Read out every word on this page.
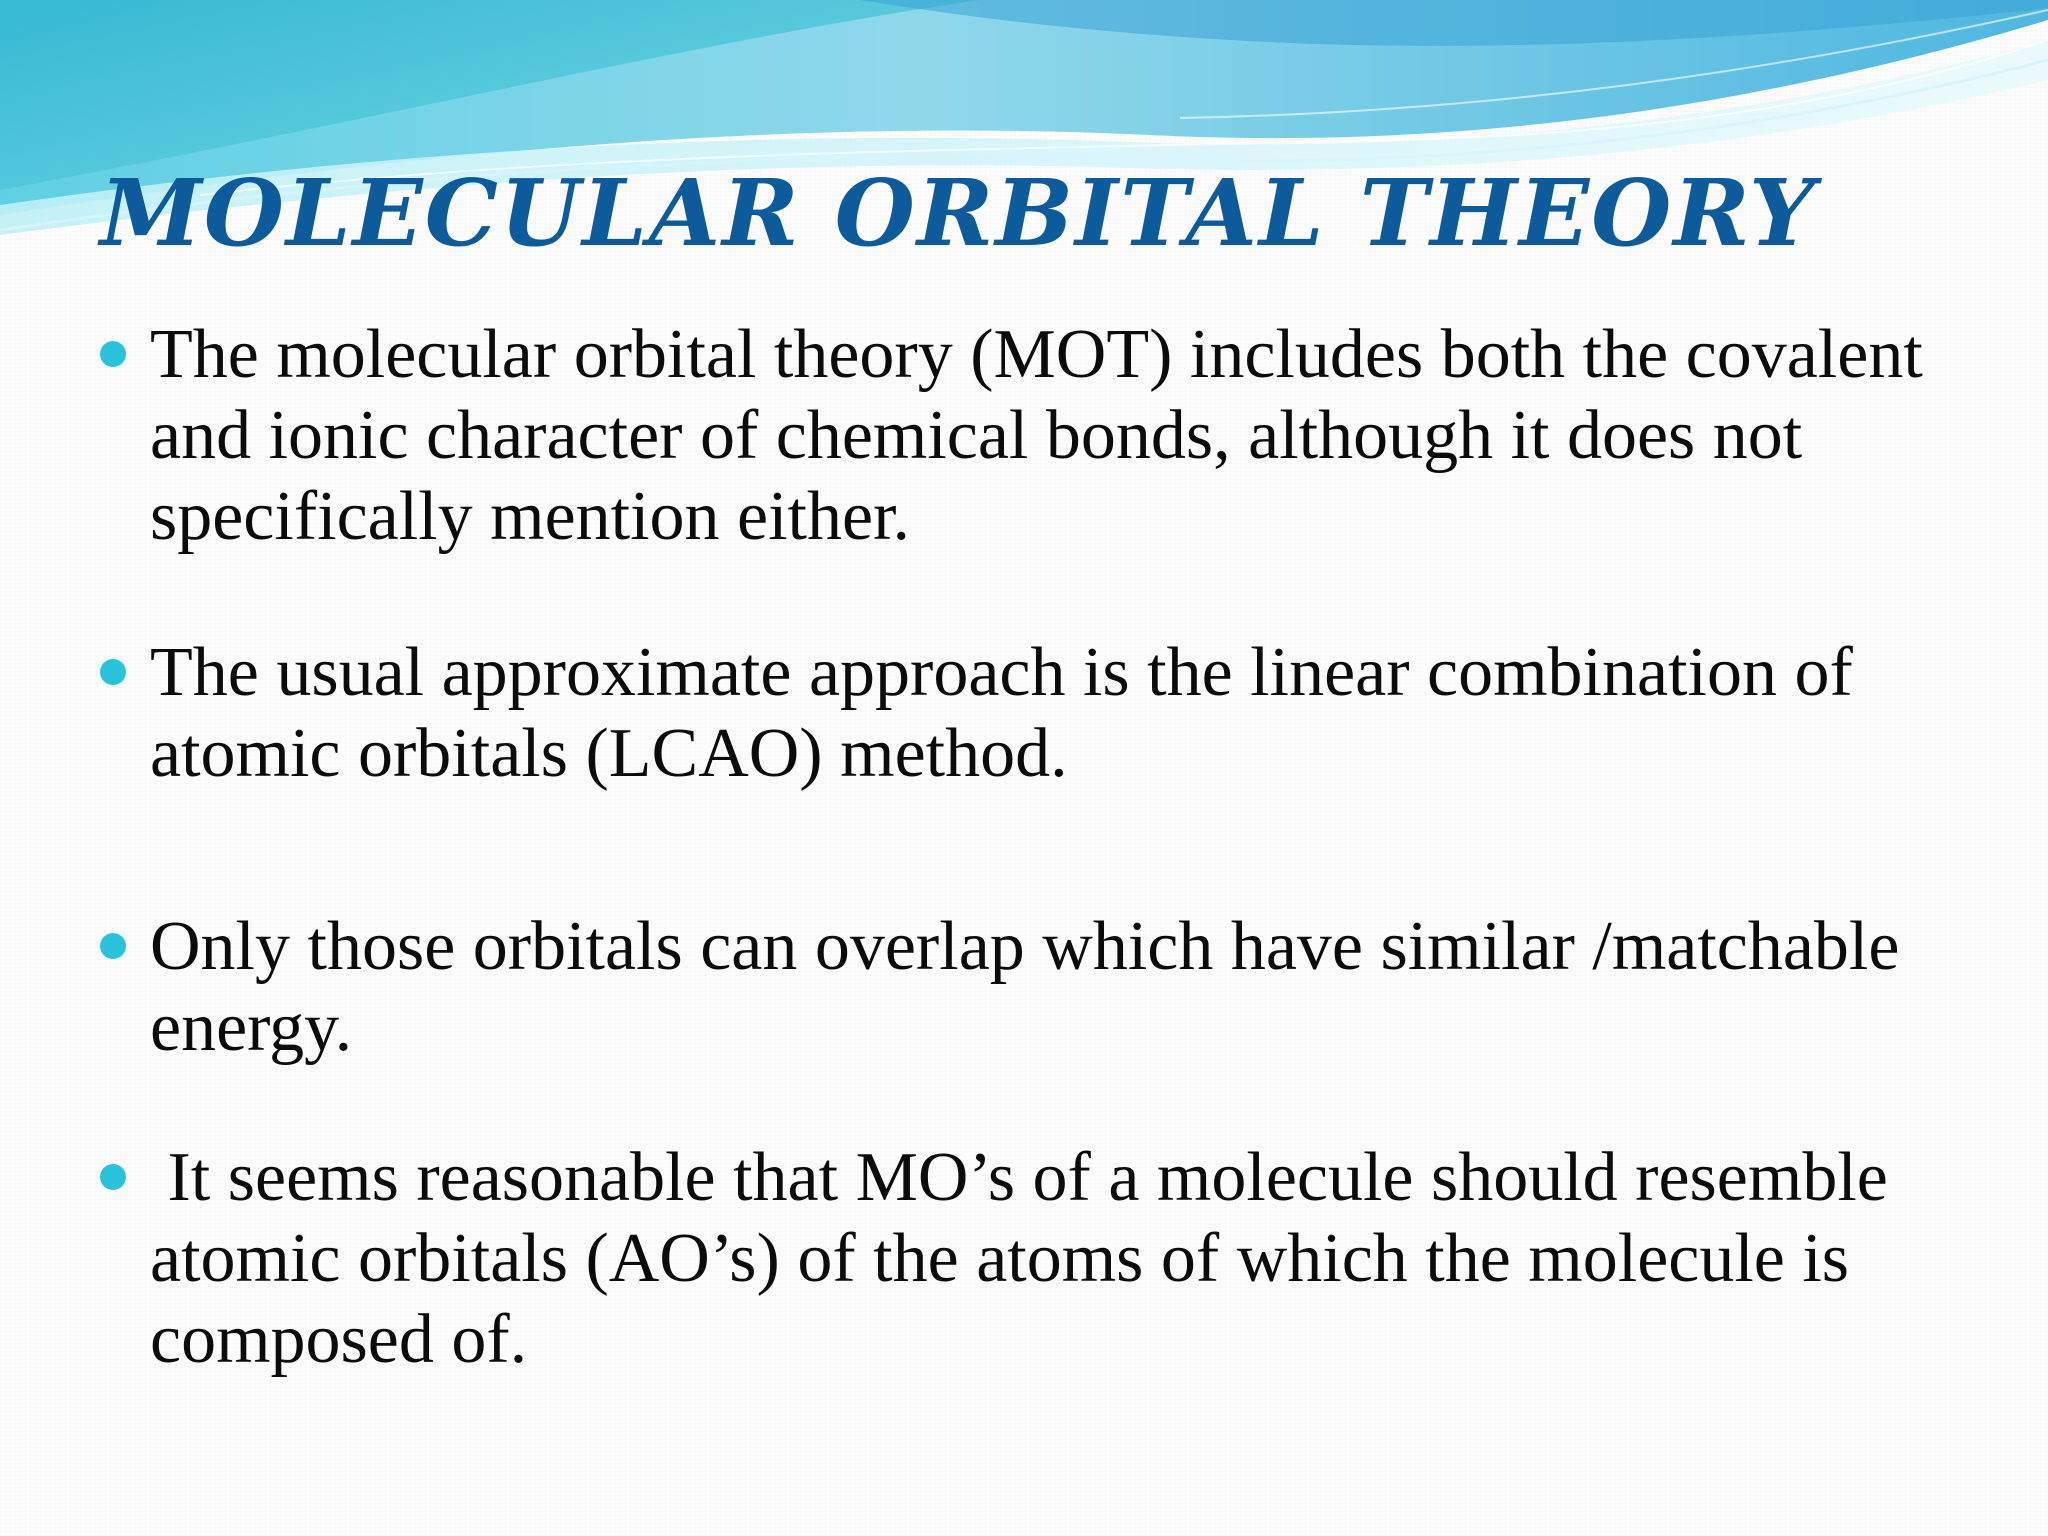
MOLECULAR ORBITAL THEORY
The molecular orbital theory (MOT) includes both the covalent and ionic character of chemical bonds, although it does not specifically mention either.
The usual approximate approach is the linear combination of atomic orbitals (LCAO) method.
Only those orbitals can overlap which have similar /matchable energy.
It seems reasonable that MO’s of a molecule should resemble atomic orbitals (AO’s) of the atoms of which the molecule is composed of.
